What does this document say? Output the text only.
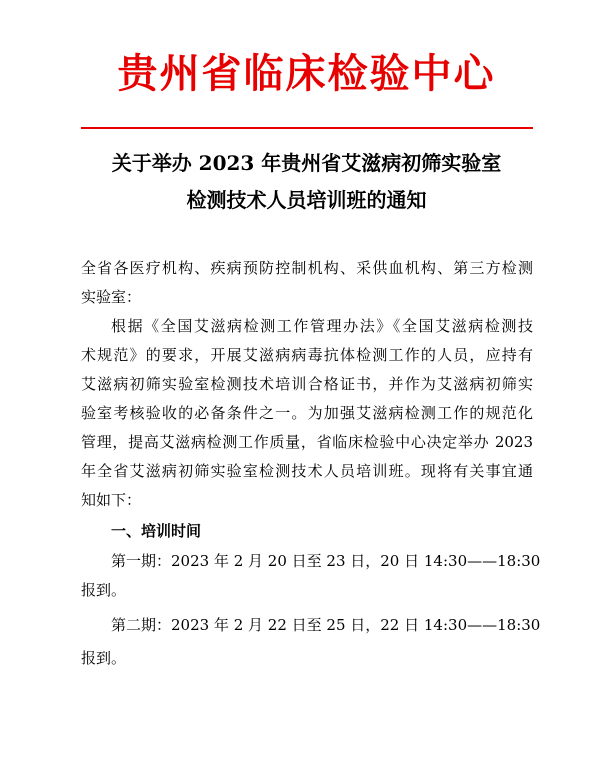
贵州省临床检验中心
关于举办 2023 年贵州省艾滋病初筛实验室
检测技术人员培训班的通知
全省各医疗机构、疾病预防控制机构、采供血机构、第三方检测
实验室：
根据《全国艾滋病检测工作管理办法》《全国艾滋病检测技
术规范》的要求，开展艾滋病病毒抗体检测工作的人员，应持有
艾滋病初筛实验室检测技术培训合格证书，并作为艾滋病初筛实
验室考核验收的必备条件之一。为加强艾滋病检测工作的规范化
管理，提高艾滋病检测工作质量，省临床检验中心决定举办 2023
年全省艾滋病初筛实验室检测技术人员培训班。现将有关事宜通
知如下：
一、培训时间
第一期：2023 年 2 月 20 日至 23 日，20 日 14:30——18:30
报到。
第二期：2023 年 2 月 22 日至 25 日，22 日 14:30——18:30
报到。
